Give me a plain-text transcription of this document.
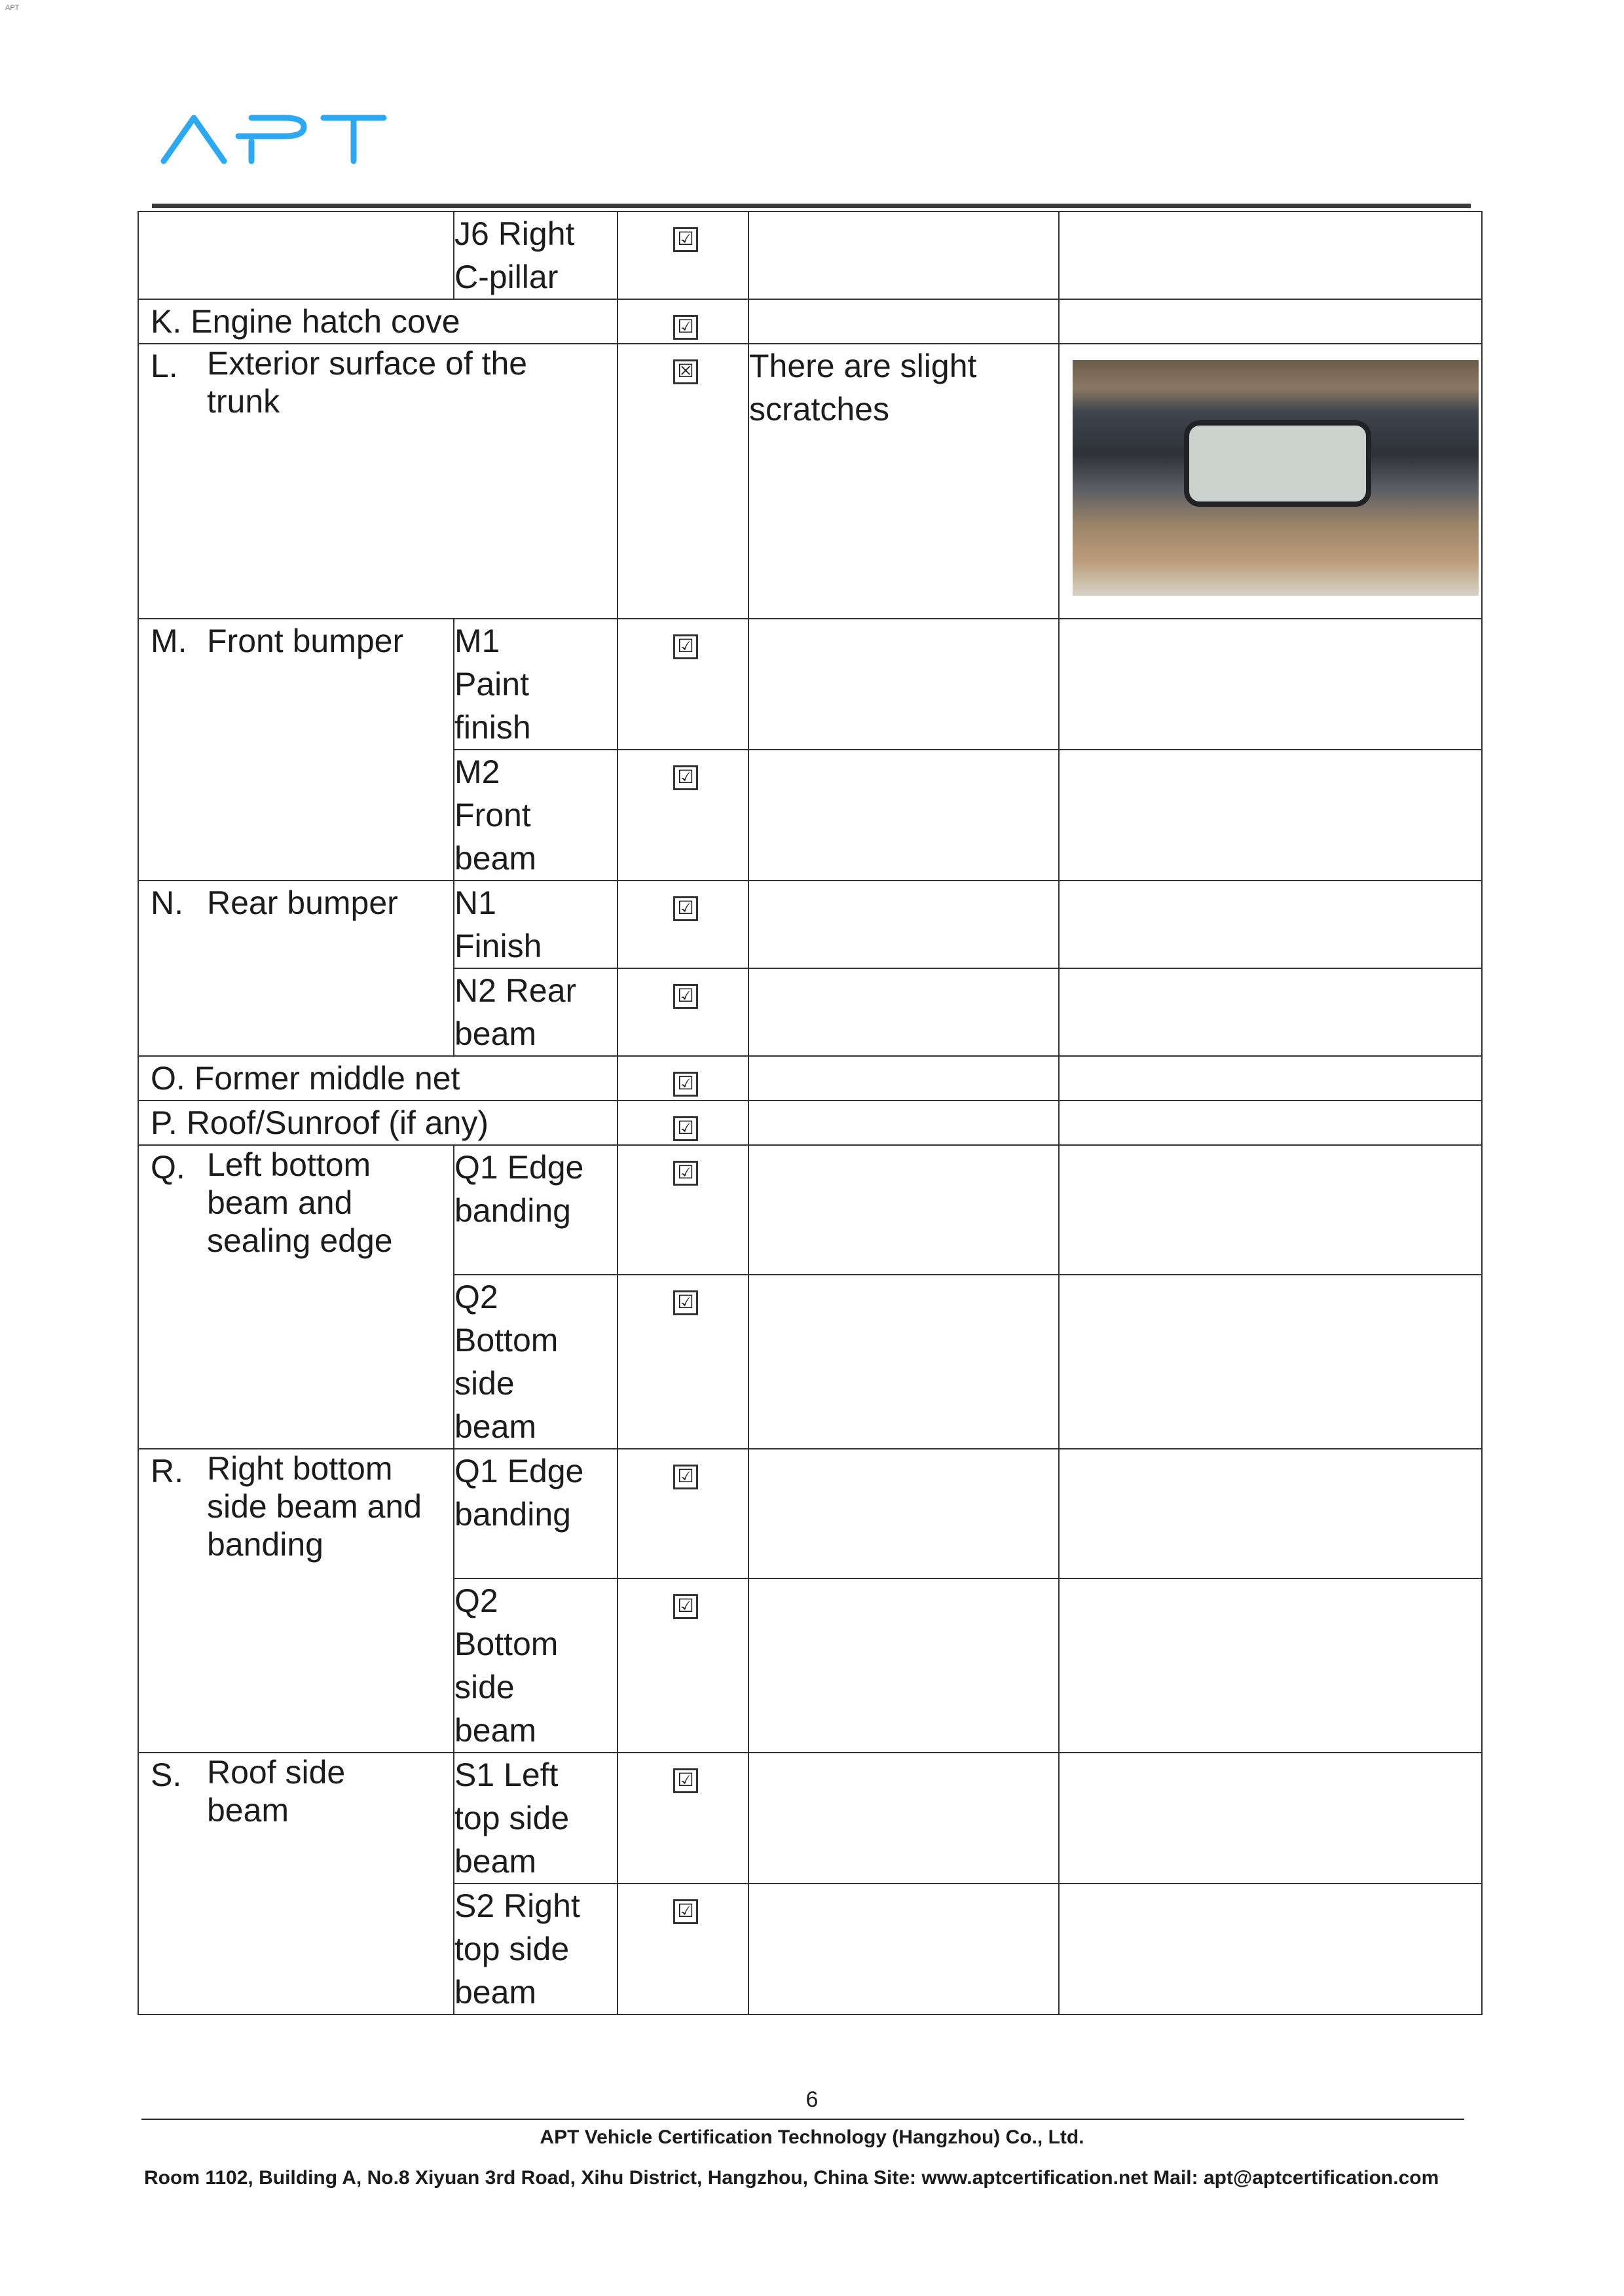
APT

	J6 Right C-pillar	☑		
K. Engine hatch cove		☑		

L. Exterior surface of the trunk		☒	There are slight scratches	

M. Front bumper	M1 Paint finish	☑		

	M2 Front beam	☑		

N. Rear bumper	N1 Finish	☑		

	N2 Rear beam	☑		
O. Former middle net		☑		
P. Roof/Sunroof (if any)		☑		

Q. Left bottom beam and sealing edge	Q1 Edge banding	☑		

	Q2 Bottom side beam	☑		

R. Right bottom side beam and banding	Q1 Edge banding	☑		

	Q2 Bottom side beam	☑		

S. Roof side beam	S1 Left top side beam	☑		

	S2 Right top side beam	☑		
6
APT Vehicle Certification Technology (Hangzhou) Co., Ltd.
Room 1102, Building A, No.8 Xiyuan 3rd Road, Xihu District, Hangzhou, China Site: www.aptcertification.net Mail: apt@aptcertification.com
